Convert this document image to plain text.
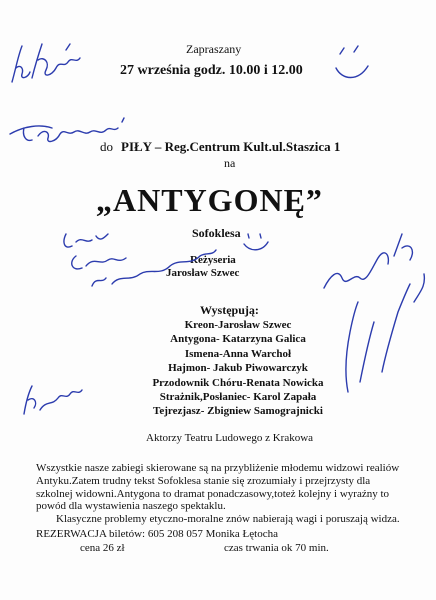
Zapraszany
27 września godz. 10.00 i 12.00
do PIŁY – Reg.Centrum Kult.ul.Staszica 1
na
„ANTYGONĘ”
Sofoklesa
Reżyseria
Jarosław Szwec
Występują:
Kreon-Jarosław Szwec
Antygona- Katarzyna Galica
Ismena-Anna Warchoł
Hajmon- Jakub Piwowarczyk
Przodownik Chóru-Renata Nowicka
Strażnik,Posłaniec- Karol Zapała
Tejrezjasz- Zbigniew Samograjnicki
Aktorzy Teatru Ludowego z Krakowa

Wszystkie nasze zabiegi skierowane są na przybliżenie młodemu widzowi realiów Antyku.Zatem trudny tekst Sofoklesa stanie się zrozumiały i przejrzysty dla szkolnej widowni.Antygona to dramat ponadczasowy,toteż kolejny i wyraźny to powód dla wystawienia naszego spektaklu.

Klasyczne problemy etyczno-moralne znów nabierają wagi i poruszają widza.

REZERWACJA biletów: 605 208 057 Monika Łętocha
cena 26 zł	czas trwania ok 70 min.
